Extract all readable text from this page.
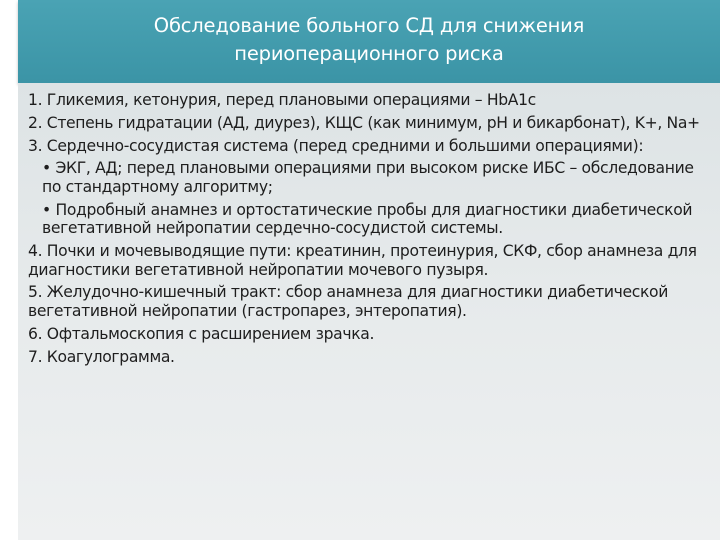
Обследование больного СД для снижения
периоперационного риска
1. Гликемия, кетонурия, перед плановыми операциями – HbA1c
2. Степень гидратации (АД, диурез), КЩС (как минимум, pH и бикарбонат), K+, Na+
3. Сердечно-сосудистая система (перед средними и большими операциями):
• ЭКГ, АД; перед плановыми операциями при высоком риске ИБС – обследование по стандартному алгоритму;
• Подробный анамнез и ортостатические пробы для диагностики диабетической вегетативной нейропатии сердечно-сосудистой системы.
4. Почки и мочевыводящие пути: креатинин, протеинурия, СКФ, сбор анамнеза для диагностики вегетативной нейропатии мочевого пузыря.
5. Желудочно-кишечный тракт: сбор анамнеза для диагностики диабетической вегетативной нейропатии (гастропарез, энтеропатия).
6. Офтальмоскопия с расширением зрачка.
7. Коагулограмма.
